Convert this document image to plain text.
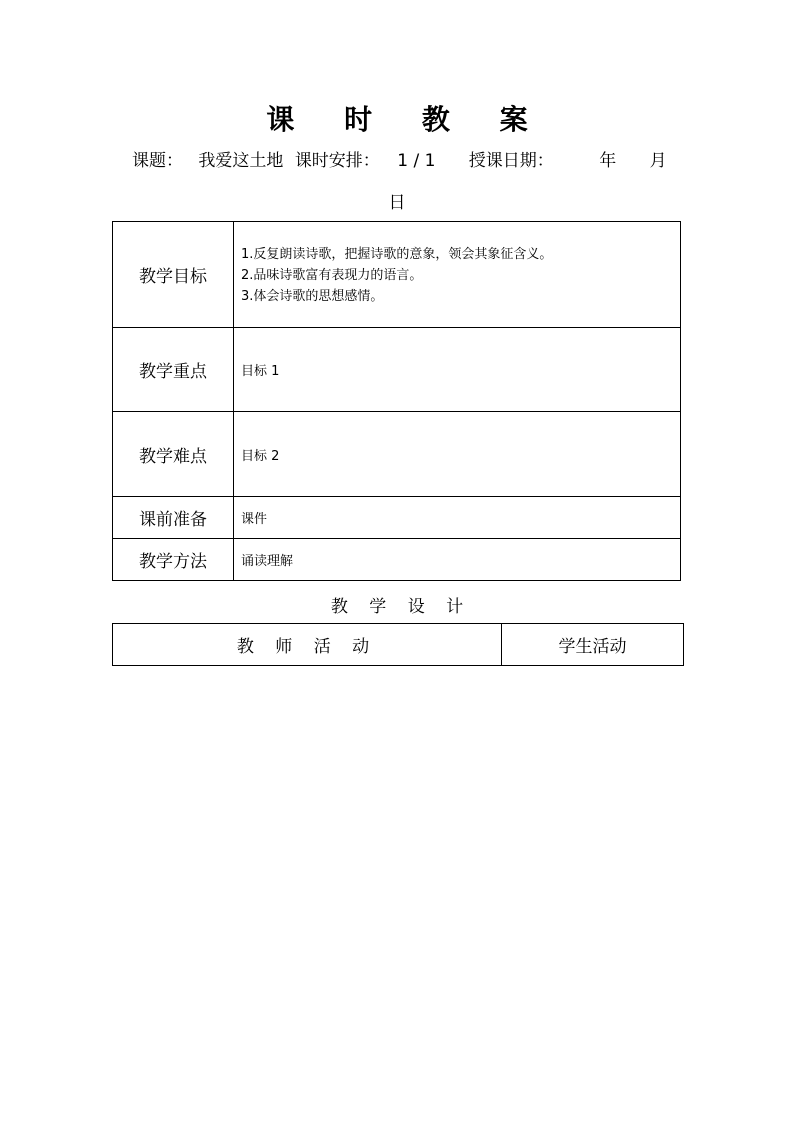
课 时 教 案
课题： 我爱这土地 课时安排： 1 / 1 授课日期：	年 月
日
教学目标	1.反复朗读诗歌，把握诗歌的意象，领会其象征含义。
2.品味诗歌富有表现力的语言。
3.体会诗歌的思想感情。

教学重点	目标 1
教学难点	目标 2
课前准备	课件
教学方法	诵读理解
教 学 设 计
教 师 活 动	学生活动
